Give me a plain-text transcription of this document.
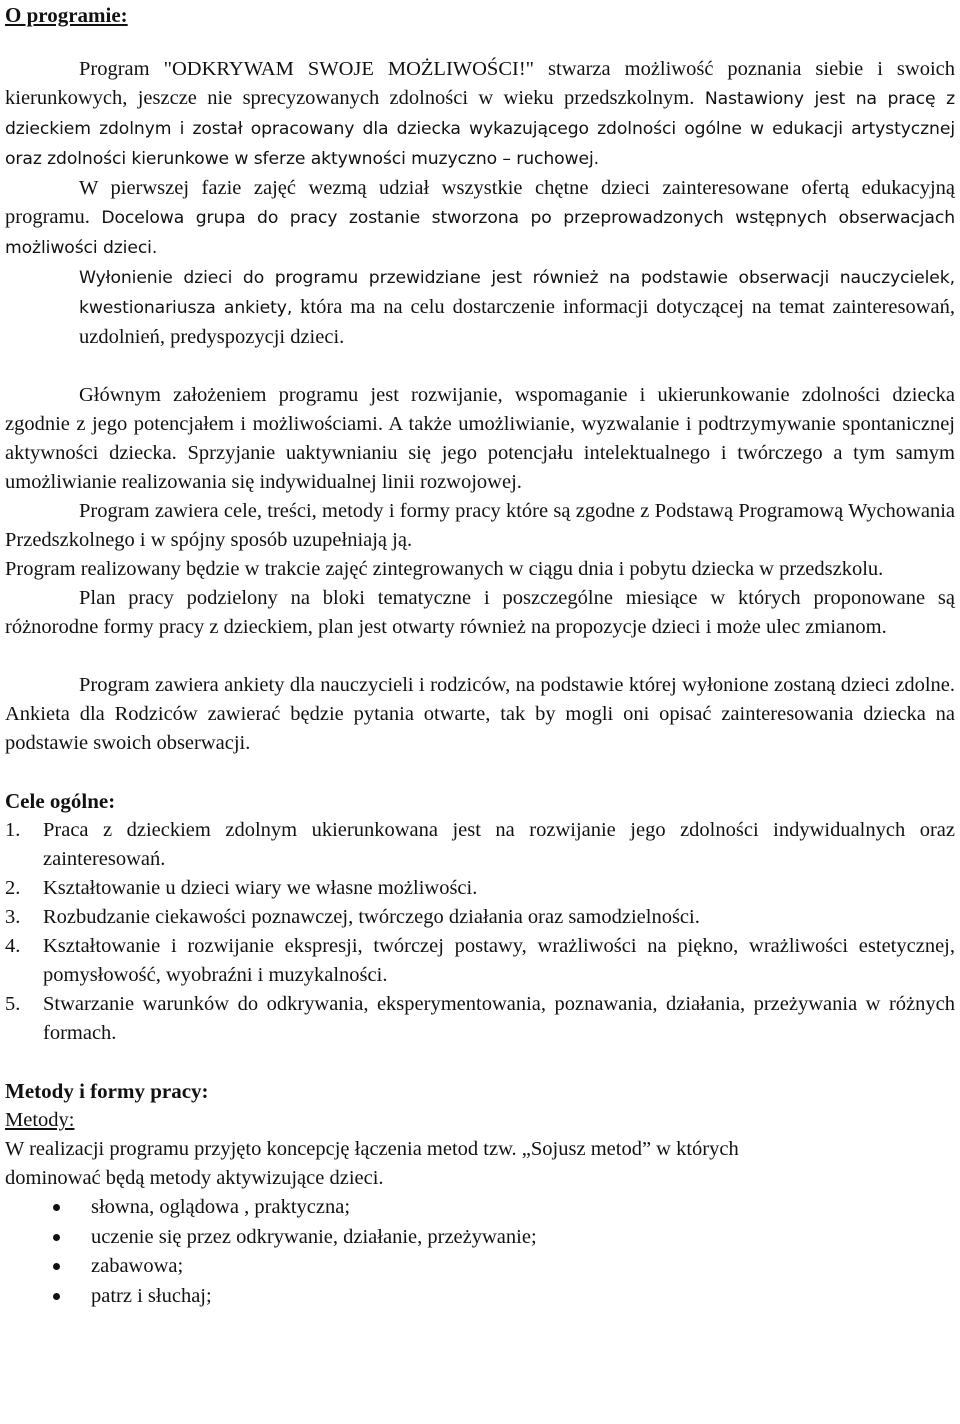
O programie:

Program "ODKRYWAM SWOJE MOŻLIWOŚCI!" stwarza możliwość poznania siebie i swoich kierunkowych, jeszcze nie sprecyzowanych zdolności w wieku przedszkolnym. Nastawiony jest na pracę z dzieckiem zdolnym i został opracowany dla dziecka wykazującego zdolności ogólne w edukacji artystycznej oraz zdolności kierunkowe w sferze aktywności muzyczno – ruchowej.

W pierwszej fazie zajęć wezmą udział wszystkie chętne dzieci zainteresowane ofertą edukacyjną programu. Docelowa grupa do pracy zostanie stworzona po przeprowadzonych wstępnych obserwacjach możliwości dzieci.

Wyłonienie dzieci do programu przewidziane jest również na podstawie obserwacji nauczycielek, kwestionariusza ankiety, która ma na celu dostarczenie informacji dotyczącej na temat zainteresowań, uzdolnień, predyspozycji dzieci.

Głównym założeniem programu jest rozwijanie, wspomaganie i ukierunkowanie zdolności dziecka zgodnie z jego potencjałem i możliwościami. A także umożliwianie, wyzwalanie i podtrzymywanie spontanicznej aktywności dziecka. Sprzyjanie uaktywnianiu się jego potencjału intelektualnego i twórczego a tym samym umożliwianie realizowania się indywidualnej linii rozwojowej.

Program zawiera cele, treści, metody i formy pracy które są zgodne z Podstawą Programową Wychowania Przedszkolnego i w spójny sposób uzupełniają ją.

Program realizowany będzie w trakcie zajęć zintegrowanych w ciągu dnia i pobytu dziecka w przedszkolu.

Plan pracy podzielony na bloki tematyczne i poszczególne miesiące w których proponowane są różnorodne formy pracy z dzieckiem, plan jest otwarty również na propozycje dzieci i może ulec zmianom.

Program zawiera ankiety dla nauczycieli i rodziców, na podstawie której wyłonione zostaną dzieci zdolne. Ankieta dla Rodziców zawierać będzie pytania otwarte, tak by mogli oni opisać zainteresowania dziecka na podstawie swoich obserwacji.

Cele ogólne:

1. Praca z dzieckiem zdolnym ukierunkowana jest na rozwijanie jego zdolności indywidualnych oraz zainteresowań.
2. Kształtowanie u dzieci wiary we własne możliwości.
3. Rozbudzanie ciekawości poznawczej, twórczego działania oraz samodzielności.
4. Kształtowanie i rozwijanie ekspresji, twórczej postawy, wrażliwości na piękno, wrażliwości estetycznej, pomysłowość, wyobraźni i muzykalności.
5. Stwarzanie warunków do odkrywania, eksperymentowania, poznawania, działania, przeżywania w różnych formach.

Metody i formy pracy:

Metody:

W realizacji programu przyjęto koncepcję łączenia metod tzw. „Sojusz metod” w których

dominować będą metody aktywizujące dzieci.

słowna, oglądowa , praktyczna;
uczenie się przez odkrywanie, działanie, przeżywanie;
zabawowa;
patrz i słuchaj;
